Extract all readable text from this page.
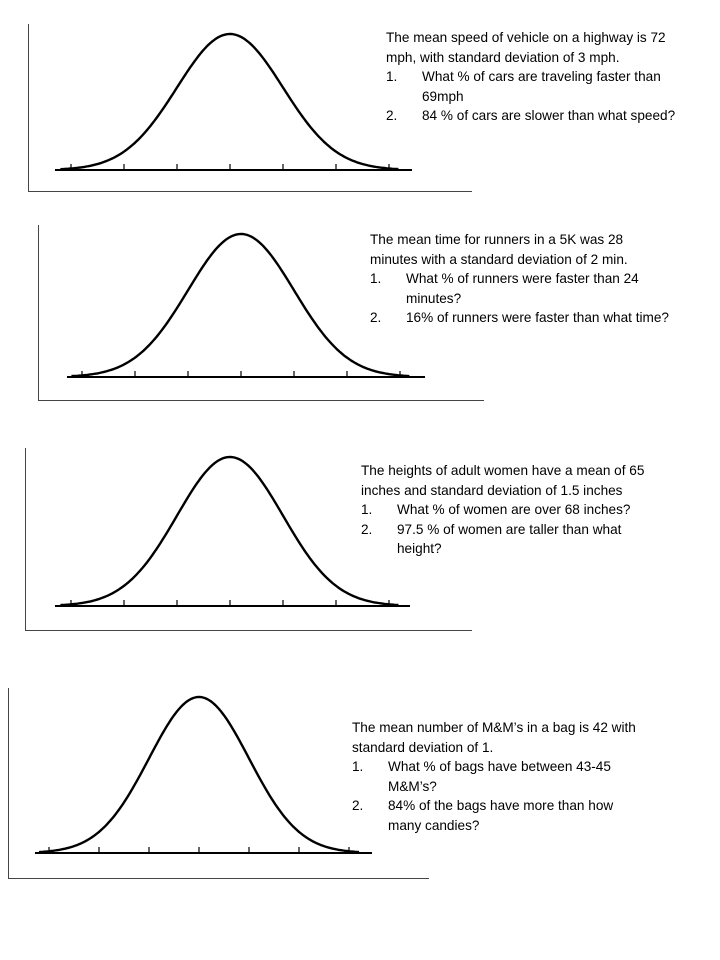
The mean speed of vehicle on a highway is 72 mph, with standard deviation of 3 mph.

1.	What % of cars are traveling faster than 69mph
2.	84 % of cars are slower than what speed?

The mean time for runners in a 5K was 28 minutes with a standard deviation of 2 min.

1.	What % of runners were faster than 24 minutes?
2.	16% of runners were faster than what time?

The heights of adult women have a mean of 65 inches and standard deviation of 1.5 inches

1.	What % of women are over 68 inches?
2.	97.5 % of women are taller than what height?

The mean number of M&M’s in a bag is 42 with standard deviation of 1.

1.	What % of bags have between 43-45 M&M’s?
2.	84% of the bags have more than how many candies?
